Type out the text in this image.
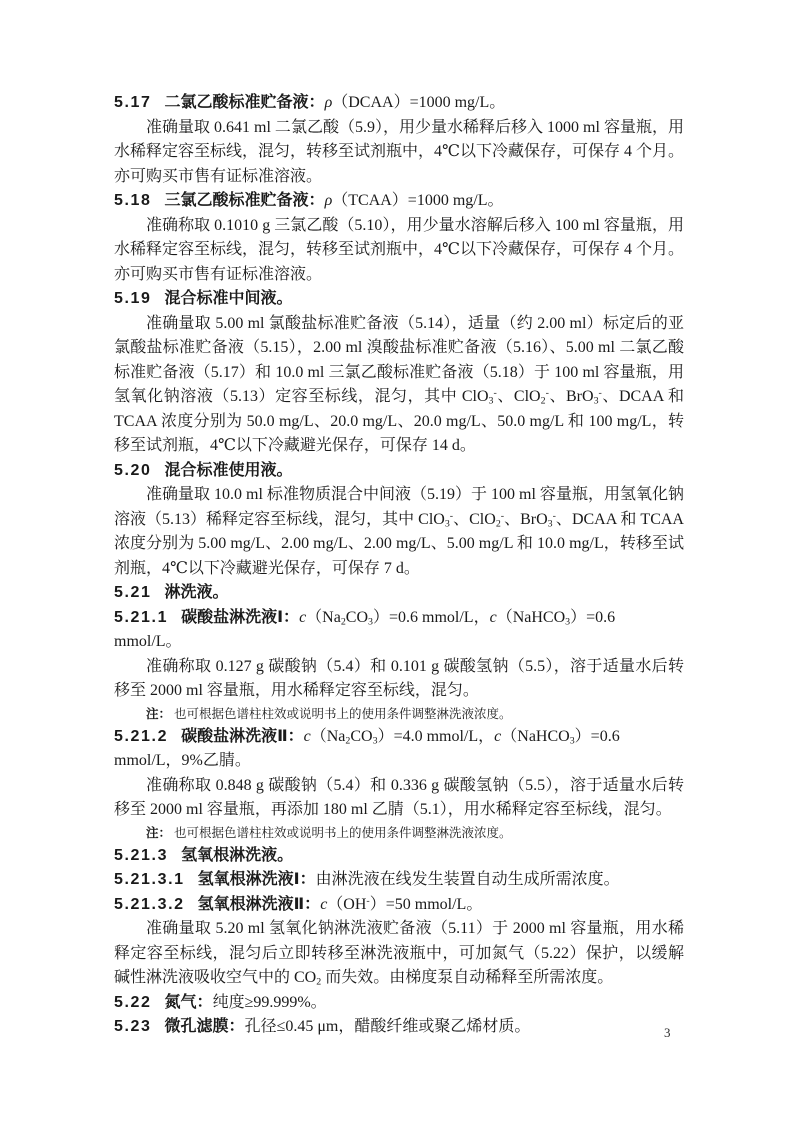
5.17 二氯乙酸标准贮备液：ρ（DCAA）=1000 mg/L。

准确量取 0.641 ml 二氯乙酸（5.9），用少量水稀释后移入 1000 ml 容量瓶，用水稀释定容至标线，混匀，转移至试剂瓶中，4℃以下冷藏保存，可保存 4 个月。亦可购买市售有证标准溶液。

5.18 三氯乙酸标准贮备液：ρ（TCAA）=1000 mg/L。

准确称取 0.1010 g 三氯乙酸（5.10），用少量水溶解后移入 100 ml 容量瓶，用水稀释定容至标线，混匀，转移至试剂瓶中，4℃以下冷藏保存，可保存 4 个月。亦可购买市售有证标准溶液。

5.19 混合标准中间液。

准确量取 5.00 ml 氯酸盐标准贮备液（5.14），适量（约 2.00 ml）标定后的亚氯酸盐标准贮备液（5.15），2.00 ml 溴酸盐标准贮备液（5.16）、5.00 ml 二氯乙酸标准贮备液（5.17）和 10.0 ml 三氯乙酸标准贮备液（5.18）于 100 ml 容量瓶，用氢氧化钠溶液（5.13）定容至标线，混匀，其中 ClO$_3$-、ClO$_2$-、BrO$_3$-、DCAA 和 TCAA 浓度分别为 50.0 mg/L、20.0 mg/L、20.0 mg/L、50.0 mg/L 和 100 mg/L，转移至试剂瓶，4℃以下冷藏避光保存，可保存 14 d。

5.20 混合标准使用液。

准确量取 10.0 ml 标准物质混合中间液（5.19）于 100 ml 容量瓶，用氢氧化钠溶液（5.13）稀释定容至标线，混匀，其中 ClO$_3$-、ClO$_2$-、BrO$_3$-、DCAA 和 TCAA 浓度分别为 5.00 mg/L、2.00 mg/L、2.00 mg/L、5.00 mg/L 和 10.0 mg/L，转移至试剂瓶，4℃以下冷藏避光保存，可保存 7 d。

5.21 淋洗液。

5.21.1 碳酸盐淋洗液Ⅰ：$c(Na_2CO_3)=0.6$ mmol/L，c（NaHCO$_3$）=0.6 mmol/L。

准确称取 0.127 g 碳酸钠（5.4）和 0.101 g 碳酸氢钠（5.5），溶于适量水后转移至 2000 ml 容量瓶，用水稀释定容至标线，混匀。

注： 也可根据色谱柱柱效或说明书上的使用条件调整淋洗液浓度。

5.21.2 碳酸盐淋洗液Ⅱ：$c(Na_2CO_3)=4.0$ mmol/L，c（NaHCO$_3$）=0.6 mmol/L，9%乙腈。

准确称取 0.848 g 碳酸钠（5.4）和 0.336 g 碳酸氢钠（5.5），溶于适量水后转移至 2000 ml 容量瓶，再添加 180 ml 乙腈（5.1），用水稀释定容至标线，混匀。

注： 也可根据色谱柱柱效或说明书上的使用条件调整淋洗液浓度。

5.21.3 氢氧根淋洗液。

5.21.3.1 氢氧根淋洗液Ⅰ：由淋洗液在线发生装置自动生成所需浓度。

5.21.3.2 氢氧根淋洗液Ⅱ：c（OH-）=50 mmol/L。

准确量取 5.20 ml 氢氧化钠淋洗液贮备液（5.11）于 2000 ml 容量瓶，用水稀释定容至标线，混匀后立即转移至淋洗液瓶中，可加氮气（5.22）保护，以缓解碱性淋洗液吸收空气中的 $CO_2$ 而失效。由梯度泵自动稀释至所需浓度。

5.22 氮气：纯度≥99.999%。

5.23 微孔滤膜：孔径≤0.45 μm，醋酸纤维或聚乙烯材质。	3
